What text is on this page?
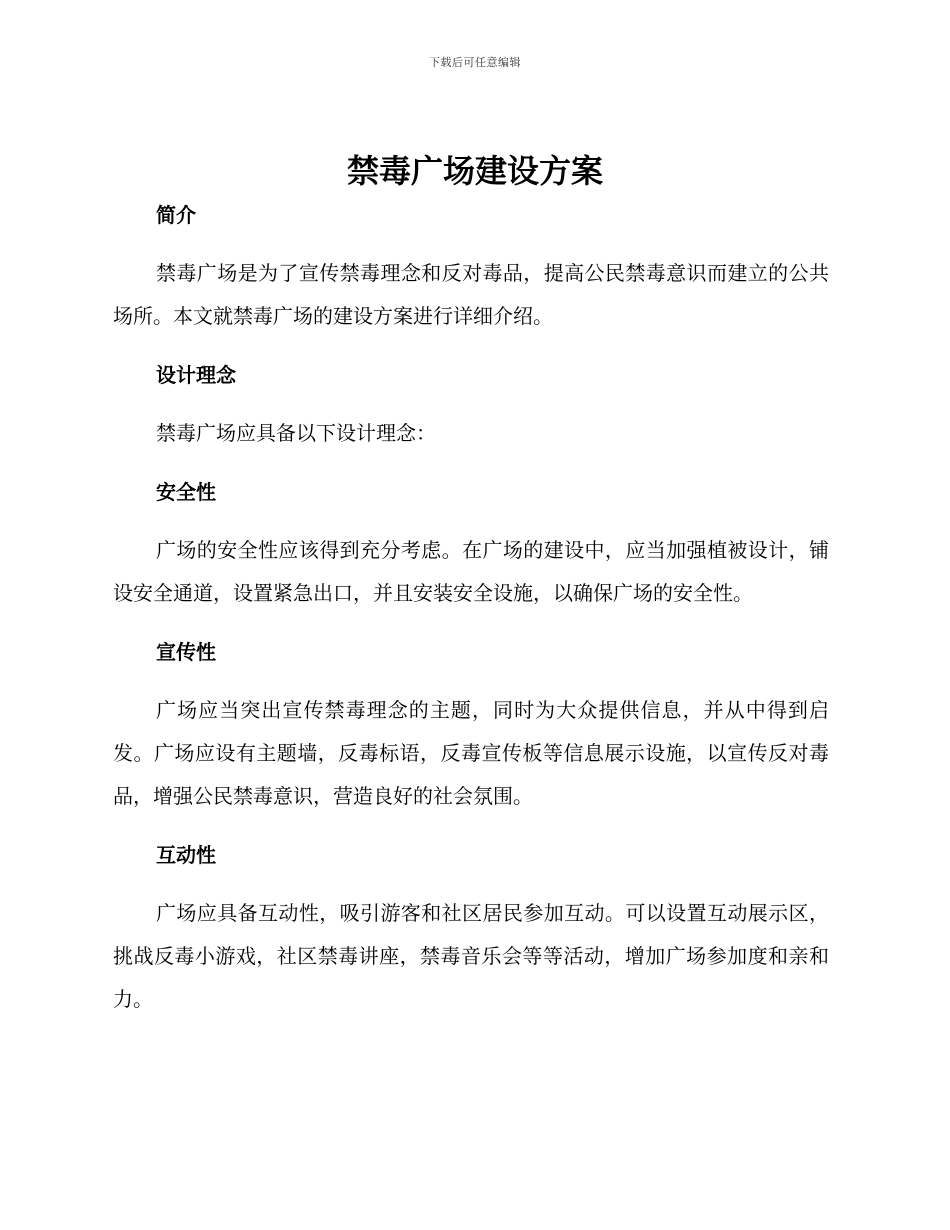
下载后可任意编辑
禁毒广场建设方案
简介

禁毒广场是为了宣传禁毒理念和反对毒品，提高公民禁毒意识而建立的公共场所。本文就禁毒广场的建设方案进行详细介绍。

设计理念

禁毒广场应具备以下设计理念：

安全性

广场的安全性应该得到充分考虑。在广场的建设中，应当加强植被设计，铺设安全通道，设置紧急出口，并且安装安全设施，以确保广场的安全性。

宣传性

广场应当突出宣传禁毒理念的主题，同时为大众提供信息，并从中得到启发。广场应设有主题墙，反毒标语，反毒宣传板等信息展示设施，以宣传反对毒品，增强公民禁毒意识，营造良好的社会氛围。

互动性

广场应具备互动性，吸引游客和社区居民参加互动。可以设置互动展示区，挑战反毒小游戏，社区禁毒讲座，禁毒音乐会等等活动，增加广场参加度和亲和力。
